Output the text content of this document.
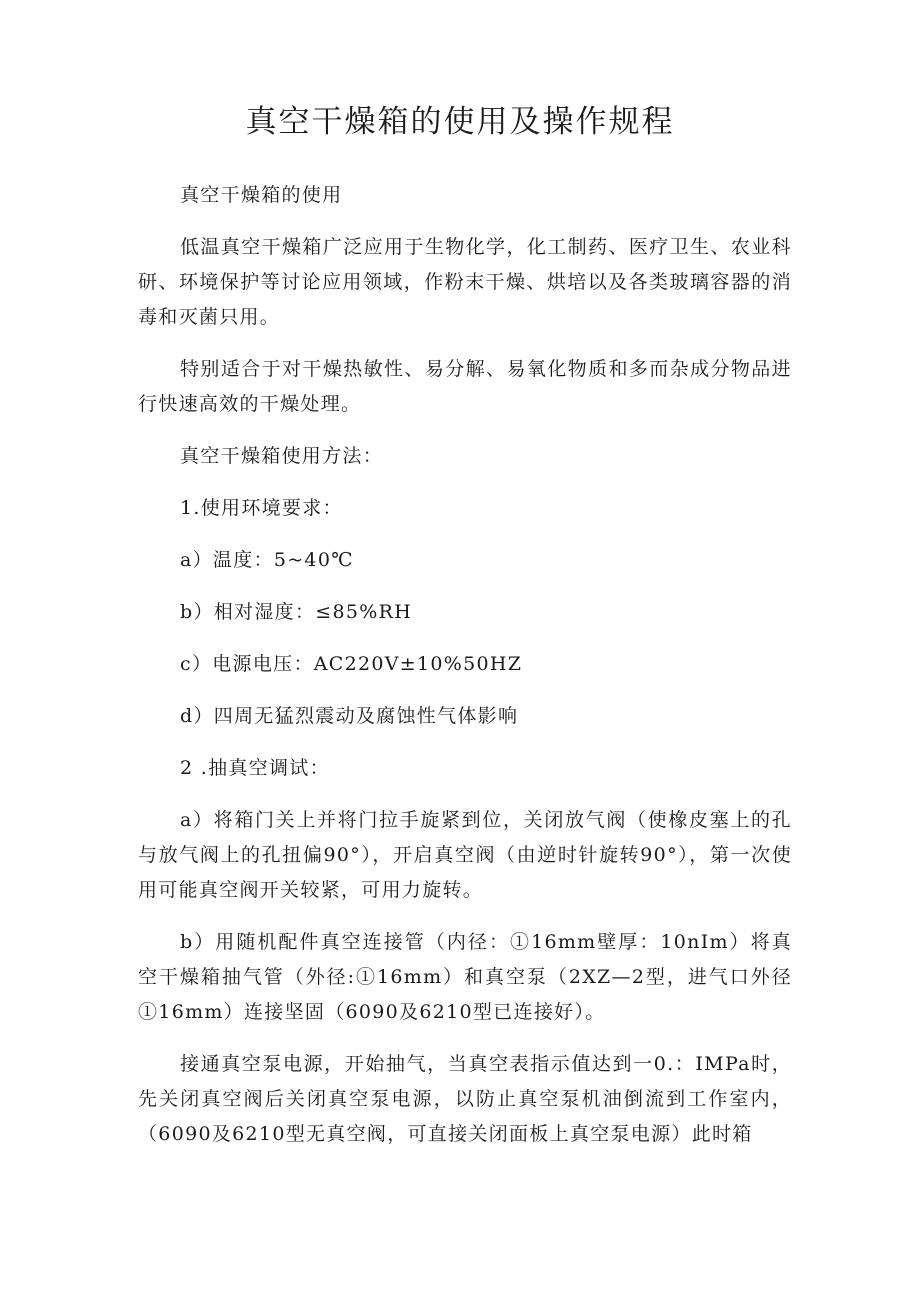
真空干燥箱的使用及操作规程

真空干燥箱的使用

低温真空干燥箱广泛应用于生物化学，化工制药、医疗卫生、农业科研、环境保护等讨论应用领域，作粉末干燥、烘培以及各类玻璃容器的消毒和灭菌只用。

特别适合于对干燥热敏性、易分解、易氧化物质和多而杂成分物品进行快速高效的干燥处理。

真空干燥箱使用方法：

1.使用环境要求：

a）温度：5~40℃

b）相对湿度：≤85%RH

c）电源电压：AC220V±10%50HZ

d）四周无猛烈震动及腐蚀性气体影响

2 .抽真空调试：

a）将箱门关上并将门拉手旋紧到位，关闭放气阀（使橡皮塞上的孔与放气阀上的孔扭偏90°），开启真空阀（由逆时针旋转90°），第一次使用可能真空阀开关较紧，可用力旋转。

b）用随机配件真空连接管（内径：①16mm壁厚：10nIm）将真空干燥箱抽气管（外径:①16mm）和真空泵（2XZ—2型，进气口外径①16mm）连接坚固（6090及6210型已连接好）。

接通真空泵电源，开始抽气，当真空表指示值达到一0.：IMPa时，先关闭真空阀后关闭真空泵电源，以防止真空泵机油倒流到工作室内，（6090及6210型无真空阀，可直接关闭面板上真空泵电源）此时箱
